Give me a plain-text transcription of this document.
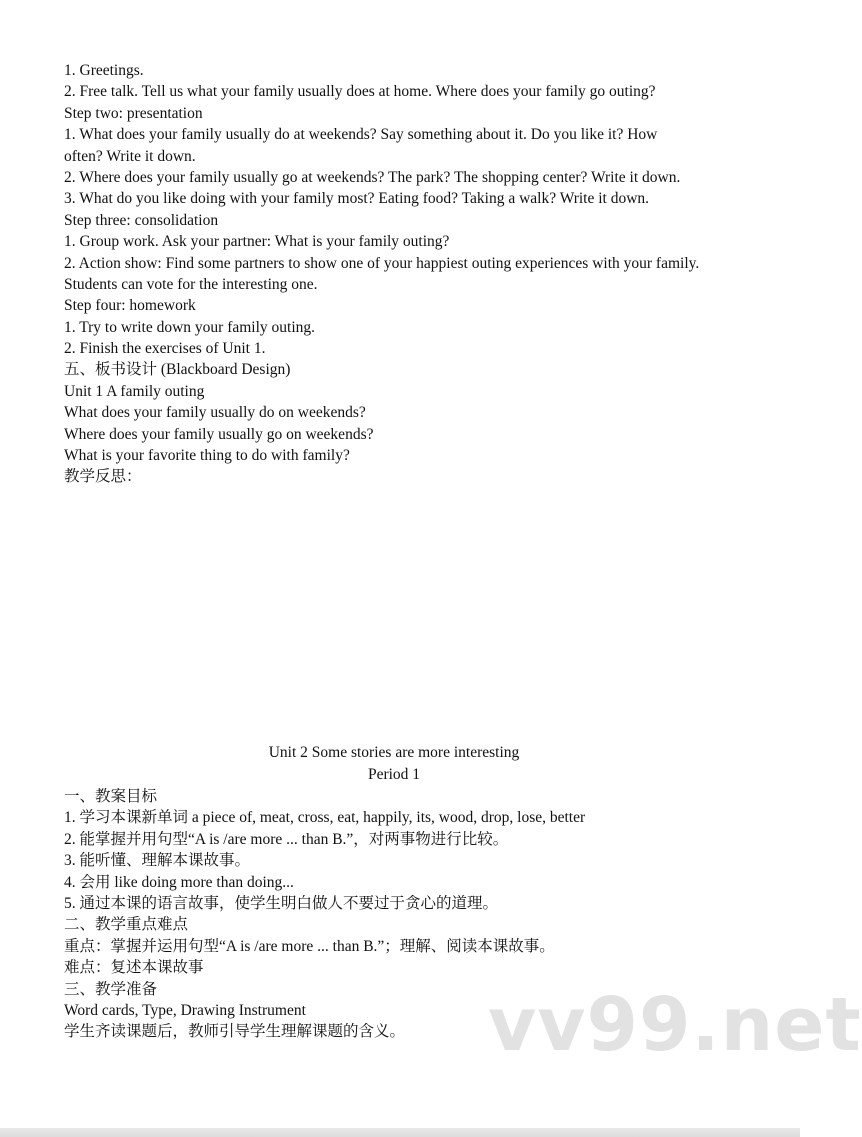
1. Greetings.
2. Free talk. Tell us what your family usually does at home. Where does your family go outing?
Step two: presentation
1. What does your family usually do at weekends? Say something about it. Do you like it? How
often? Write it down.
2. Where does your family usually go at weekends? The park? The shopping center? Write it down.
3. What do you like doing with your family most? Eating food? Taking a walk? Write it down.
Step three: consolidation
1. Group work. Ask your partner: What is your family outing?
2. Action show: Find some partners to show one of your happiest outing experiences with your family.
Students can vote for the interesting one.
Step four: homework
1. Try to write down your family outing.
2. Finish the exercises of Unit 1.
五、板书设计 (Blackboard Design)
Unit 1 A family outing
What does your family usually do on weekends?
Where does your family usually go on weekends?
What is your favorite thing to do with family?
教学反思：
Unit 2 Some stories are more interesting
Period 1
一、教案目标
1. 学习本课新单词 a piece of, meat, cross, eat, happily, its, wood, drop, lose, better
2. 能掌握并用句型“A is /are more ... than B.”，对两事物进行比较。
3. 能听懂、理解本课故事。
4. 会用 like doing more than doing...
5. 通过本课的语言故事，使学生明白做人不要过于贪心的道理。
二、教学重点难点
重点：掌握并运用句型“A is /are more ... than B.”；理解、阅读本课故事。
难点：复述本课故事
三、教学准备
Word cards, Type, Drawing Instrument
学生齐读课题后，教师引导学生理解课题的含义。	vv99.net
